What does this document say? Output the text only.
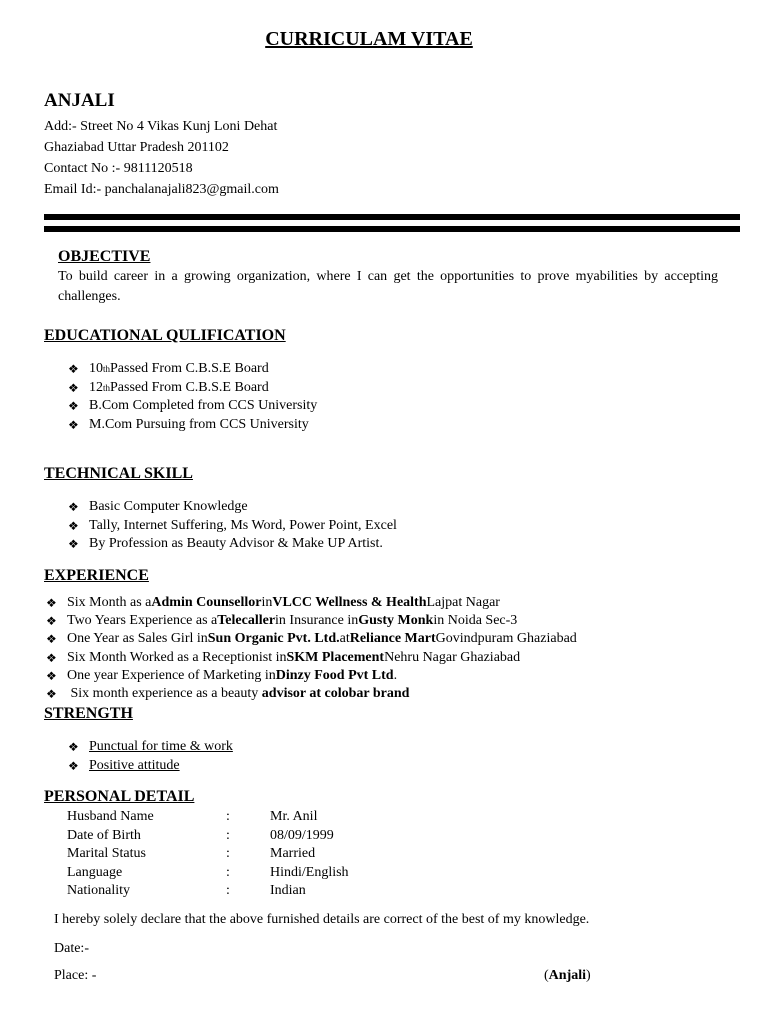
CURRICULAM VITAE
ANJALI
Add:- Street No 4 Vikas Kunj Loni Dehat
Ghaziabad Uttar Pradesh 201102
Contact No :- 9811120518
Email Id:- panchalanajali823@gmail.com
OBJECTIVE
To build career in a growing organization, where I can get the opportunities to prove myabilities by accepting challenges.
EDUCATIONAL QULIFICATION
❖ 10 th Passed From C.B.S.E Board
❖ 12 th Passed From C.B.S.E Board
❖ B.Com Completed from CCS University
❖ M.Com Pursuing from CCS University
TECHNICAL SKILL
❖ Basic Computer Knowledge
❖ Tally, Internet Suffering, Ms Word, Power Point, Excel
❖ By Profession as Beauty Advisor & Make UP Artist.
EXPERIENCE
❖ Six Month as a Admin Counsellor in VLCC Wellness & Health Lajpat Nagar
❖ Two Years Experience as a Telecaller in Insurance in Gusty Monk in Noida Sec-3
❖ One Year as Sales Girl in Sun Organic Pvt. Ltd. at Reliance Mart Govindpuram Ghaziabad
❖ Six Month Worked as a Receptionist in SKM Placement Nehru Nagar Ghaziabad
❖ One year Experience of Marketing in Dinzy Food Pvt Ltd .
❖ Six month experience as a beauty advisor at colobar brand
STRENGTH
❖ Punctual for time & work
❖ Positive attitude
PERSONAL DETAIL
Husband Name	:	Mr. Anil
Date of Birth	:	08/09/1999
Marital Status	:	Married
Language	:	Hindi/English
Nationality	:	Indian
I hereby solely declare that the above furnished details are correct of the best of my knowledge.
Date:-
Place: -	(Anjali)
